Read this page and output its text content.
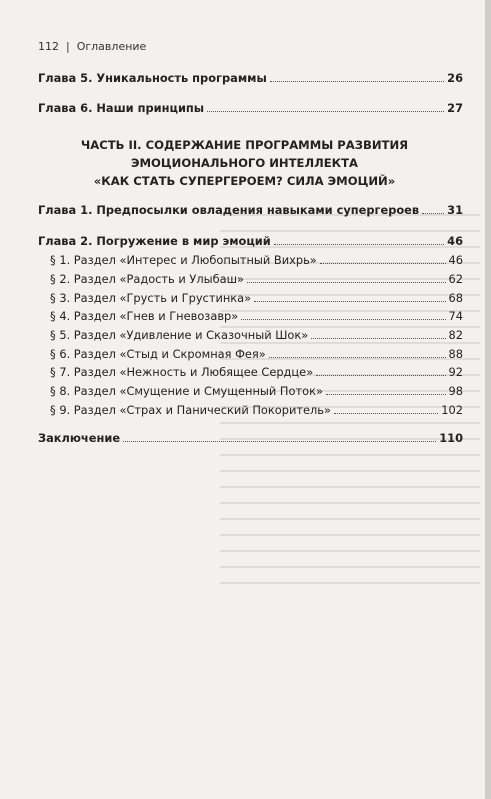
112 | Оглавление
Глава 5. Уникальность программы	26
Глава 6. Наши принципы	27
ЧАСТЬ II. СОДЕРЖАНИЕ ПРОГРАММЫ РАЗВИТИЯ
ЭМОЦИОНАЛЬНОГО ИНТЕЛЛЕКТА
«КАК СТАТЬ СУПЕРГЕРОЕМ? СИЛА ЭМОЦИЙ»
Глава 1. Предпосылки овладения навыками супергероев 31
Глава 2. Погружение в мир эмоций	46
§ 1. Раздел «Интерес и Любопытный Вихрь»	46
§ 2. Раздел «Радость и Улыбаш»	62
§ 3. Раздел «Грусть и Грустинка»	68
§ 4. Раздел «Гнев и Гневозавр»	74
§ 5. Раздел «Удивление и Сказочный Шок»	82
§ 6. Раздел «Стыд и Скромная Фея»	88
§ 7. Раздел «Нежность и Любящее Сердце»	92
§ 8. Раздел «Смущение и Смущенный Поток»	98
§ 9. Раздел «Страх и Панический Покоритель»	102
Заключение	110
